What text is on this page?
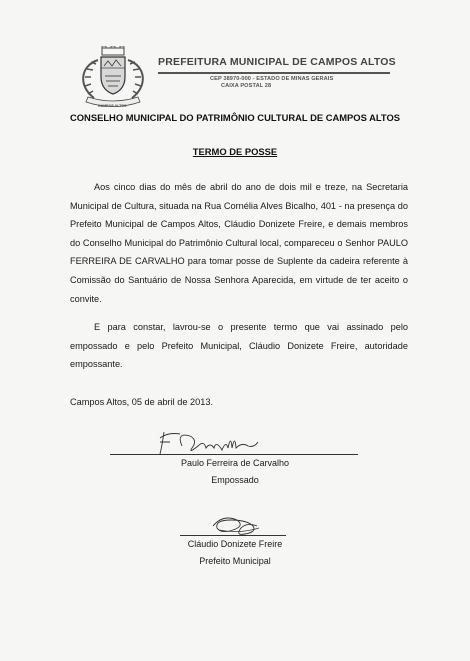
CAMPOS ALTOS
PREFEITURA MUNICIPAL DE CAMPOS ALTOS
CEP 38970-000 - ESTADO DE MINAS GERAIS
CAIXA POSTAL 28
CONSELHO MUNICIPAL DO PATRIMÔNIO CULTURAL DE CAMPOS ALTOS
TERMO DE POSSE
Aos cinco dias do mês de abril do ano de dois mil e treze, na Secretaria Municipal de Cultura, situada na Rua Cornélia Alves Bicalho, 401 - na presença do Prefeito Municipal de Campos Altos, Cláudio Donizete Freire, e demais membros do Conselho Municipal do Patrimônio Cultural local, compareceu o Senhor PAULO FERREIRA DE CARVALHO para tomar posse de Suplente da cadeira referente à Comissão do Santuário de Nossa Senhora Aparecida, em virtude de ter aceito o convite.
E para constar, lavrou-se o presente termo que vai assinado pelo empossado e pelo Prefeito Municipal, Cláudio Donizete Freire, autoridade empossante.
Campos Altos, 05 de abril de 2013.
Paulo Ferreira de Carvalho
Empossado
Cláudio Donizete Freire
Prefeito Municipal
